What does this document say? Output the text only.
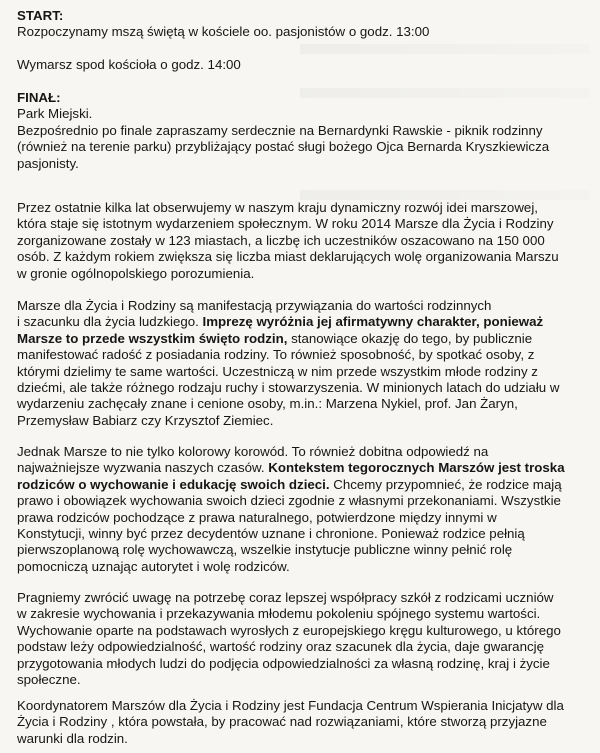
START:
Rozpoczynamy mszą świętą w kościele oo. pasjonistów o godz. 13:00
Wymarsz spod kościoła o godz. 14:00
FINAŁ:
Park Miejski.
Bezpośrednio po finale zapraszamy serdecznie na Bernardynki Rawskie - piknik rodzinny
(również na terenie parku) przybliżający postać sługi bożego Ojca Bernarda Kryszkiewicza
pasjonisty.
Przez ostatnie kilka lat obserwujemy w naszym kraju dynamiczny rozwój idei marszowej,
która staje się istotnym wydarzeniem społecznym. W roku 2014 Marsze dla Życia i Rodziny
zorganizowane zostały w 123 miastach, a liczbę ich uczestników oszacowano na 150 000
osób. Z każdym rokiem zwiększa się liczba miast deklarujących wolę organizowania Marszu
w gronie ogólnopolskiego porozumienia.
Marsze dla Życia i Rodziny są manifestacją przywiązania do wartości rodzinnych
i szacunku dla życia ludzkiego. Imprezę wyróżnia jej afirmatywny charakter, ponieważ
Marsze to przede wszystkim święto rodzin, stanowiące okazję do tego, by publicznie
manifestować radość z posiadania rodziny. To również sposobność, by spotkać osoby, z
którymi dzielimy te same wartości. Uczestniczą w nim przede wszystkim młode rodziny z
dziećmi, ale także różnego rodzaju ruchy i stowarzyszenia. W minionych latach do udziału w
wydarzeniu zachęcały znane i cenione osoby, m.in.: Marzena Nykiel, prof. Jan Żaryn,
Przemysław Babiarz czy Krzysztof Ziemiec.
Jednak Marsze to nie tylko kolorowy korowód. To również dobitna odpowiedź na
najważniejsze wyzwania naszych czasów. Kontekstem tegorocznych Marszów jest troska
rodziców o wychowanie i edukację swoich dzieci. Chcemy przypomnieć, że rodzice mają
prawo i obowiązek wychowania swoich dzieci zgodnie z własnymi przekonaniami. Wszystkie
prawa rodziców pochodzące z prawa naturalnego, potwierdzone między innymi w
Konstytucji, winny być przez decydentów uznane i chronione. Ponieważ rodzice pełnią
pierwszoplanową rolę wychowawczą, wszelkie instytucje publiczne winny pełnić rolę
pomocniczą uznając autorytet i wolę rodziców.
Pragniemy zwrócić uwagę na potrzebę coraz lepszej współpracy szkół z rodzicami uczniów
w zakresie wychowania i przekazywania młodemu pokoleniu spójnego systemu wartości.
Wychowanie oparte na podstawach wyrosłych z europejskiego kręgu kulturowego, u którego
podstaw leży odpowiedzialność, wartość rodziny oraz szacunek dla życia, daje gwarancję
przygotowania młodych ludzi do podjęcia odpowiedzialności za własną rodzinę, kraj i życie
społeczne.
Koordynatorem Marszów dla Życia i Rodziny jest Fundacja Centrum Wspierania Inicjatyw dla
Życia i Rodziny , która powstała, by pracować nad rozwiązaniami, które stworzą przyjazne
warunki dla rodzin.
